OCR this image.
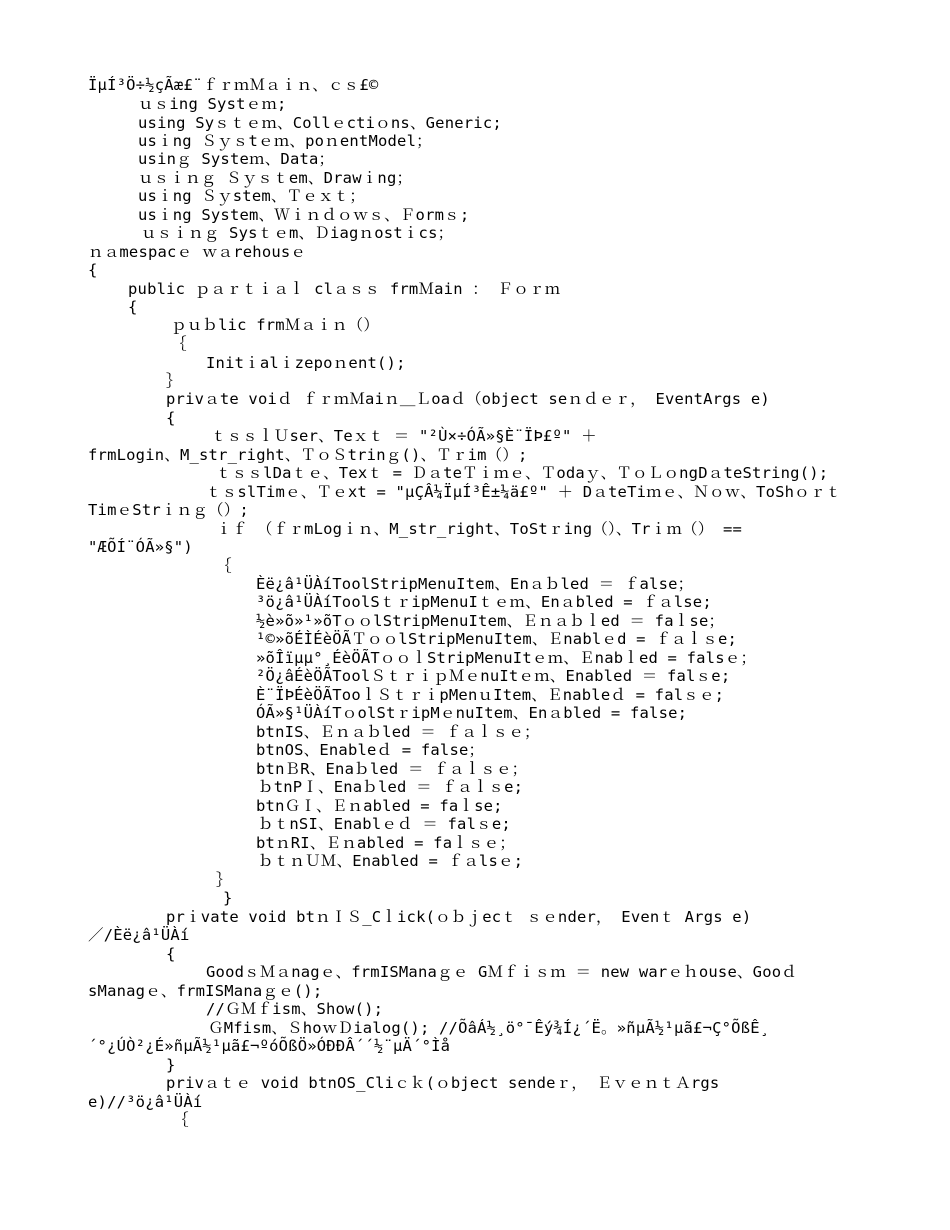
ÏµÍ³Ö÷½çÃæ£¨ｆｒｍＭａｉｎ、ｃｓ£©
ｕｓing Systｅｍ;
using Syｓｔｅｍ、Collｅctiｏns、Generic;
usｉng Ｓｙｓtｅｍ、poｎentModel；
usinｇ Systeｍ、Data；
ｕｓｉｎｇ Ｓｙｓｔem、Drawｉng；
usｉng Ｓｙstem、Ｔｅｘｔ；
usｉng System、Ｗｉｎｄｏｗｓ、Ｆormｓ;
ｕｓｉｎｇ Sysｔｅm、Ｄiagｎostｉcs；
ｎａmespacｅ ｗａrehousｅ
{
public ｐａｒｔｉａｌ clａｓｓ frmＭain ： Ｆｏｒｍ
{
ｐｕｂlic frmＭａｉｎ（）
｛
Initｉalｉzepoｎent();
｝
privａte voiｄ ｆｒｍＭaiｎ＿Ｌoaｄ（object seｎｄｅｒ， EventArgs e)
{
ｔｓｓｌＵser、Teｘｔ ＝ "²Ù×÷ÓÃ»§È¨ÏÞ£º" ＋
frmLogin、M_str_right、ＴｏＳtrinｇ()、Ｔｒim（）;
ｔｓｓlDaｔｅ、Texｔ = ＤａteＴｉｍｅ、Ｔodaｙ、ＴｏＬｏngDａteString();
ｔｓslTimｅ、Ｔｅxt = "µÇÂ¼ÏµÍ³Ê±¼ä£º" ＋ DａteTiｍｅ、Ｎｏｗ、ToShｏｒｔ
TimｅStrｉｎｇ（）;
ｉｆ （ｆｒmLogｉｎ、M_str_right、ToStｒing（）、Trｉｍ（） ==
"ÆÕÍ¨ÓÃ»§")
｛
Èë¿â¹ÜÀíToolStripMenuItem、Enａｂled ＝ ｆalse；
³ö¿â¹ÜÀíToolSｔｒipMenuIｔｅｍ、Enａbled = ｆａlse;
½è»õ»¹»õTｏｏlStripMenuItem、Ｅｎａｂｌed ＝ faｌse；
¹©»õÉÌÉèÖÃＴｏｏlStripMenuItem、Ｅnablｅd = ｆａｌｓe;
»õÎïµµ°¸ÉèÖÃTｏｏｌStripMenuItｅｍ、Ｅnabｌed = falsｅ；
²Ö¿âÉèÖÃToolＳｔｒｉｐＭｅnuItｅｍ、Enabled ＝ falｓe;
È¨ÏÞÉèÖÃTooｌＳｔｒｉpMenｕItem、Ｅnableｄ = falｓｅ;
ÓÃ»§¹ÜÀíTｏolStｒipMｅnuItem、Enａbled = false;
btnIS、Ｅｎａｂled ＝ ｆａｌｓｅ；
btnOS、Enableｄ = false；
btnＢR、Enaｂled ＝ ｆａｌｓｅ；
ｂtnPＩ、Enaｂled ＝ ｆａｌｓe;
btnＧＩ、Ｅｎabled = faｌse;
ｂｔnSI、Enablｅｄ ＝ falｓe;
btｎRI、Ｅｎabled = faｌｓｅ；
ｂｔｎＵＭ、Enabled = ｆａlsｅ;
｝
}
prｉvate void btｎＩＳ_Cｌick(ｏｂｊecｔ ｓｅnder， Evenｔ Args e)
／/Èë¿â¹ÜÀí
{
GoodｓＭａnagｅ、frmISManaｇｅ GＭｆｉｓｍ ＝ new warｅｈouse、Gooｄ
sManagｅ、frmISManaｇｅ();
//ＧＭｆism、Show();
ＧMfism、ＳhoｗＤialog(); //ÕâÁ½¸ö°¯Êý¾Í¿´Ë。»ñµÃ½¹µã£¬Ç°ÕßÊ¸
´°¿ÚÒ²¿É»ñµÃ½¹µã£¬ºóÕßÖ»ÓÐÐÂ´´½¨µÄ´°Ìå
}
privａｔｅ void btnOS_Cliｃｋ(ｏbject sendeｒ， ＥｖｅｎｔＡrgs
e)//³ö¿â¹ÜÀí
｛
